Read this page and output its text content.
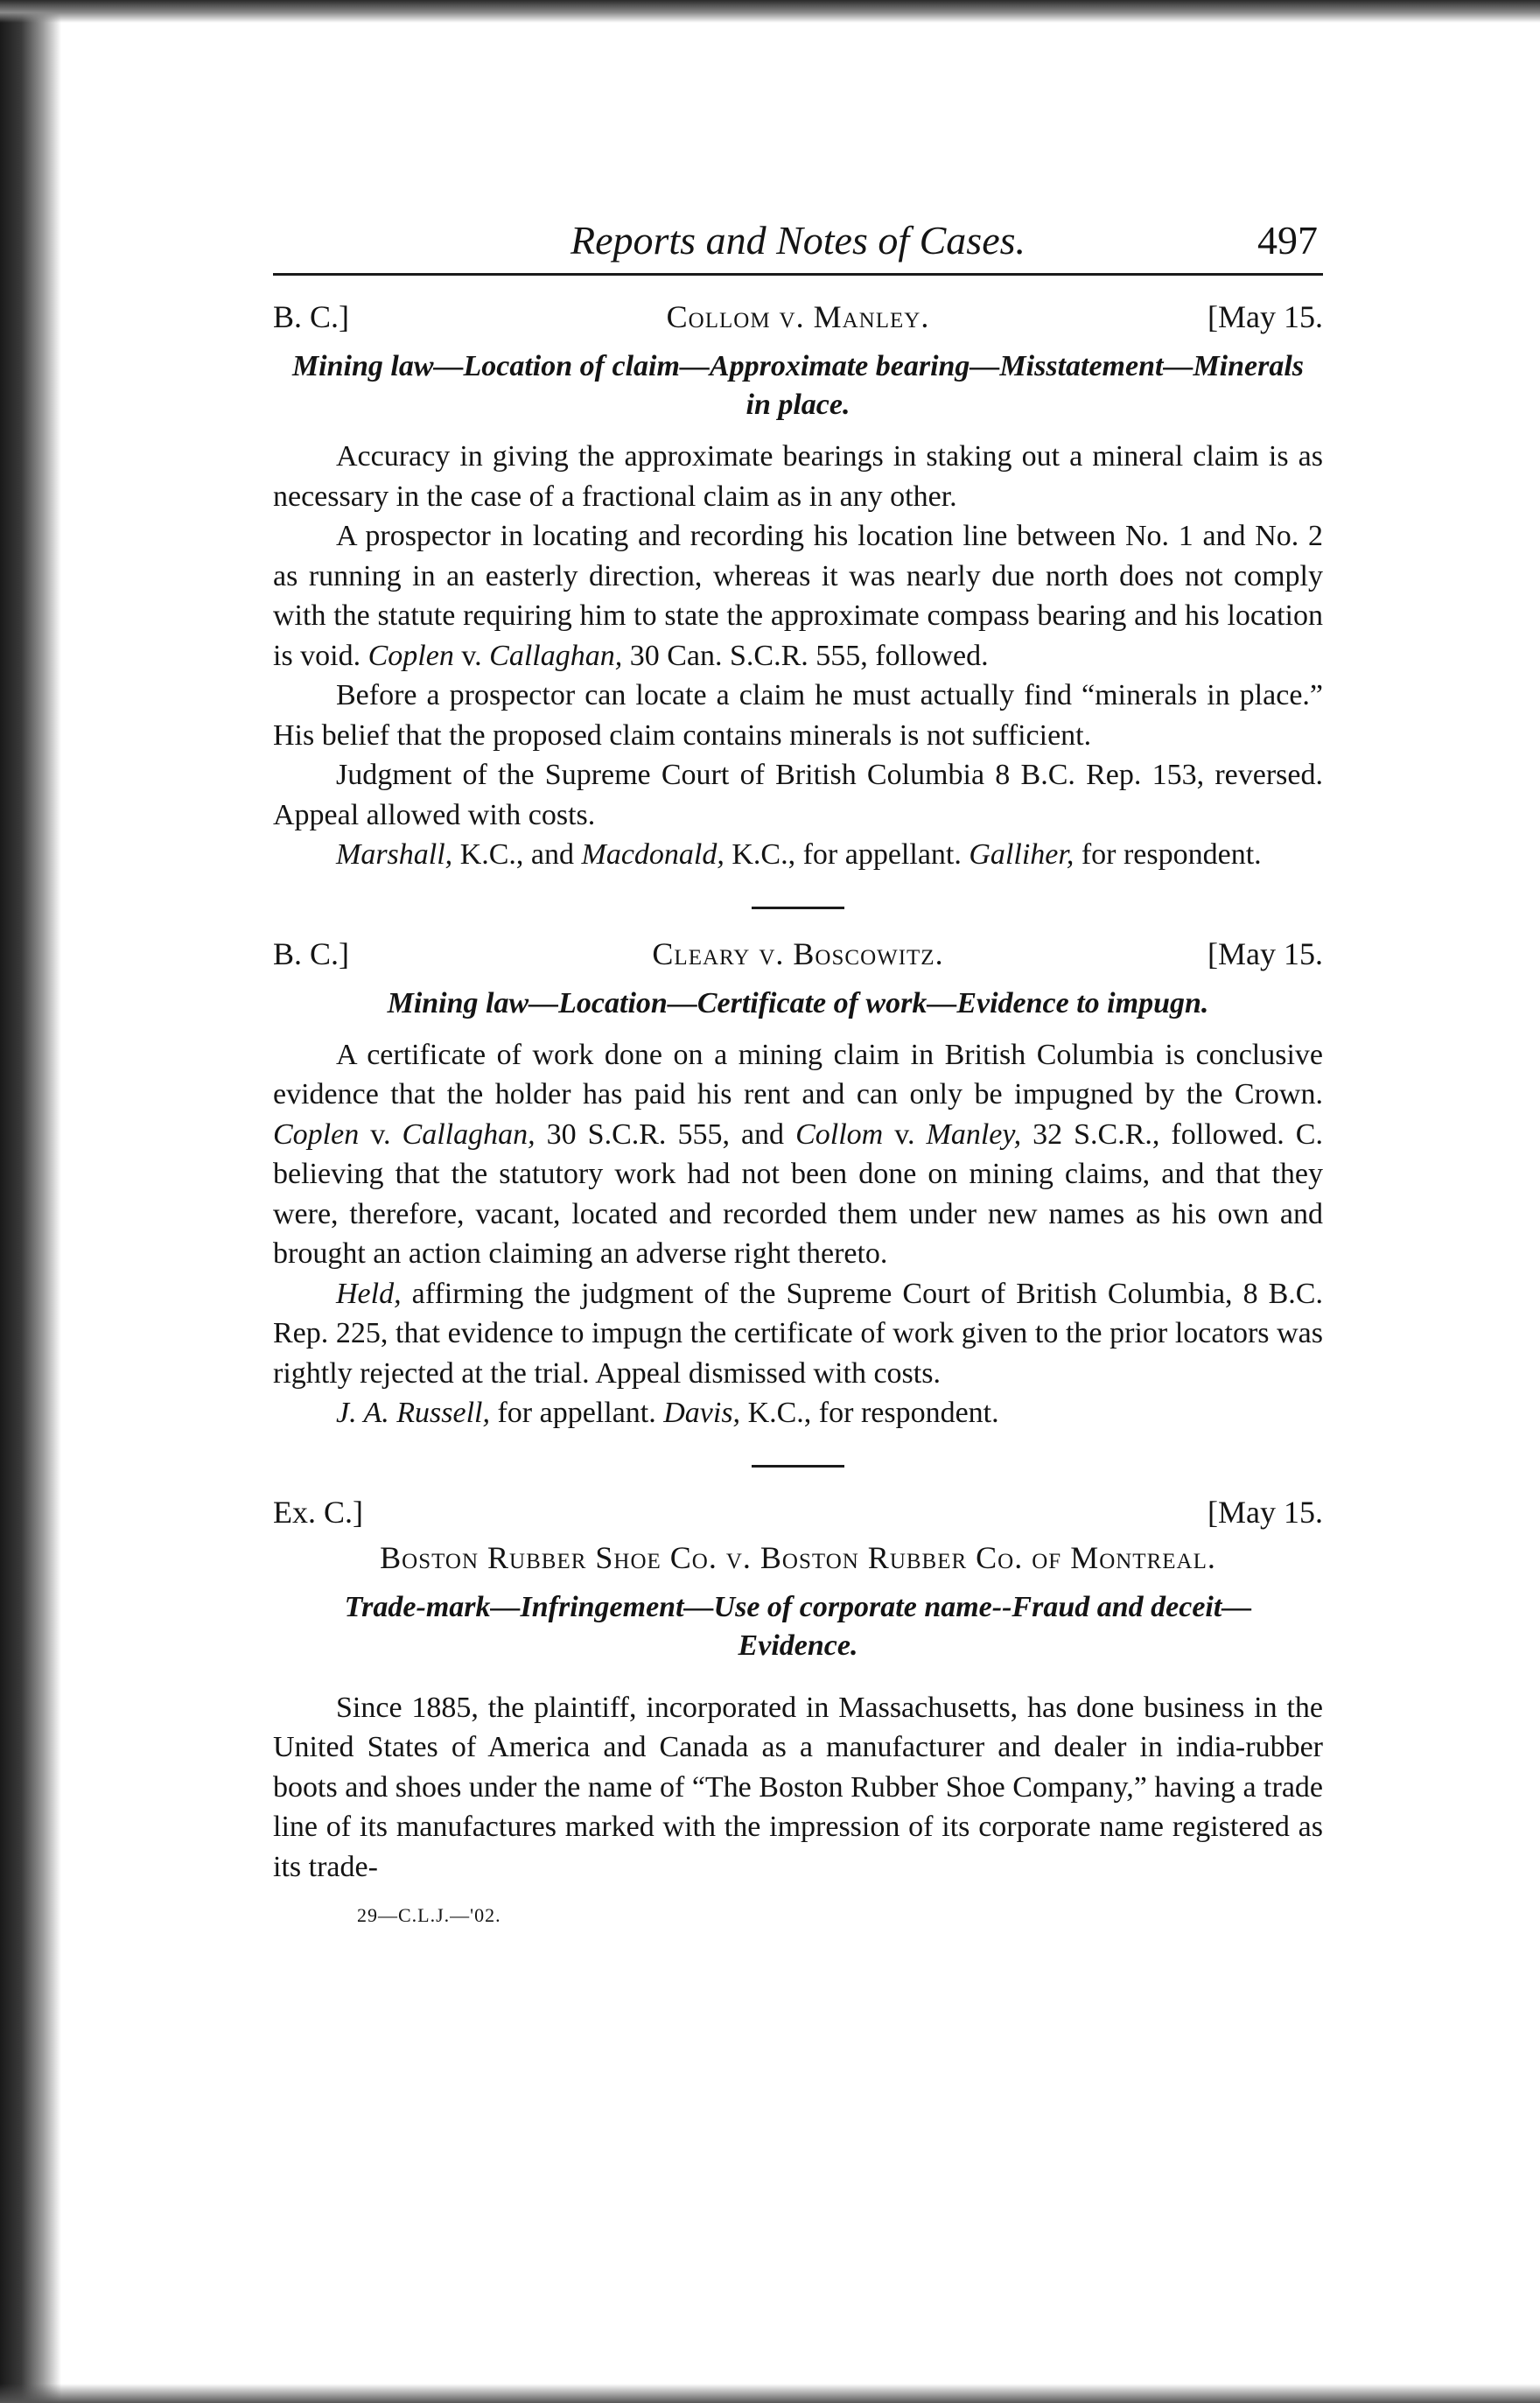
Reports and Notes of Cases.	497
B. C.]	Collom v. Manley.	[May 15.
Mining law—Location of claim—Approximate bearing—Misstatement—Minerals in place.

Accuracy in giving the approximate bearings in staking out a mineral claim is as necessary in the case of a fractional claim as in any other.

A prospector in locating and recording his location line between No. 1 and No. 2 as running in an easterly direction, whereas it was nearly due north does not comply with the statute requiring him to state the approximate compass bearing and his location is void. Coplen v. Callaghan, 30 Can. S.C.R. 555, followed.

Before a prospector can locate a claim he must actually find “minerals in place.” His belief that the proposed claim contains minerals is not sufficient.

Judgment of the Supreme Court of British Columbia 8 B.C. Rep. 153, reversed. Appeal allowed with costs.

Marshall, K.C., and Macdonald, K.C., for appellant. Galliher, for respondent.

B. C.]	Cleary v. Boscowitz.	[May 15.
Mining law—Location—Certificate of work—Evidence to impugn.

A certificate of work done on a mining claim in British Columbia is conclusive evidence that the holder has paid his rent and can only be impugned by the Crown. Coplen v. Callaghan, 30 S.C.R. 555, and Collom v. Manley, 32 S.C.R., followed. C. believing that the statutory work had not been done on mining claims, and that they were, therefore, vacant, located and recorded them under new names as his own and brought an action claiming an adverse right thereto.

Held, affirming the judgment of the Supreme Court of British Columbia, 8 B.C. Rep. 225, that evidence to impugn the certificate of work given to the prior locators was rightly rejected at the trial. Appeal dismissed with costs.

J. A. Russell, for appellant. Davis, K.C., for respondent.

Ex. C.]	[May 15.
Boston Rubber Shoe Co. v. Boston Rubber Co. of Montreal.
Trade-mark—Infringement—Use of corporate name--Fraud and deceit—Evidence.

Since 1885, the plaintiff, incorporated in Massachusetts, has done business in the United States of America and Canada as a manufacturer and dealer in india-rubber boots and shoes under the name of “The Boston Rubber Shoe Company,” having a trade line of its manufactures marked with the impression of its corporate name registered as its trade-

29—C.L.J.—'02.
